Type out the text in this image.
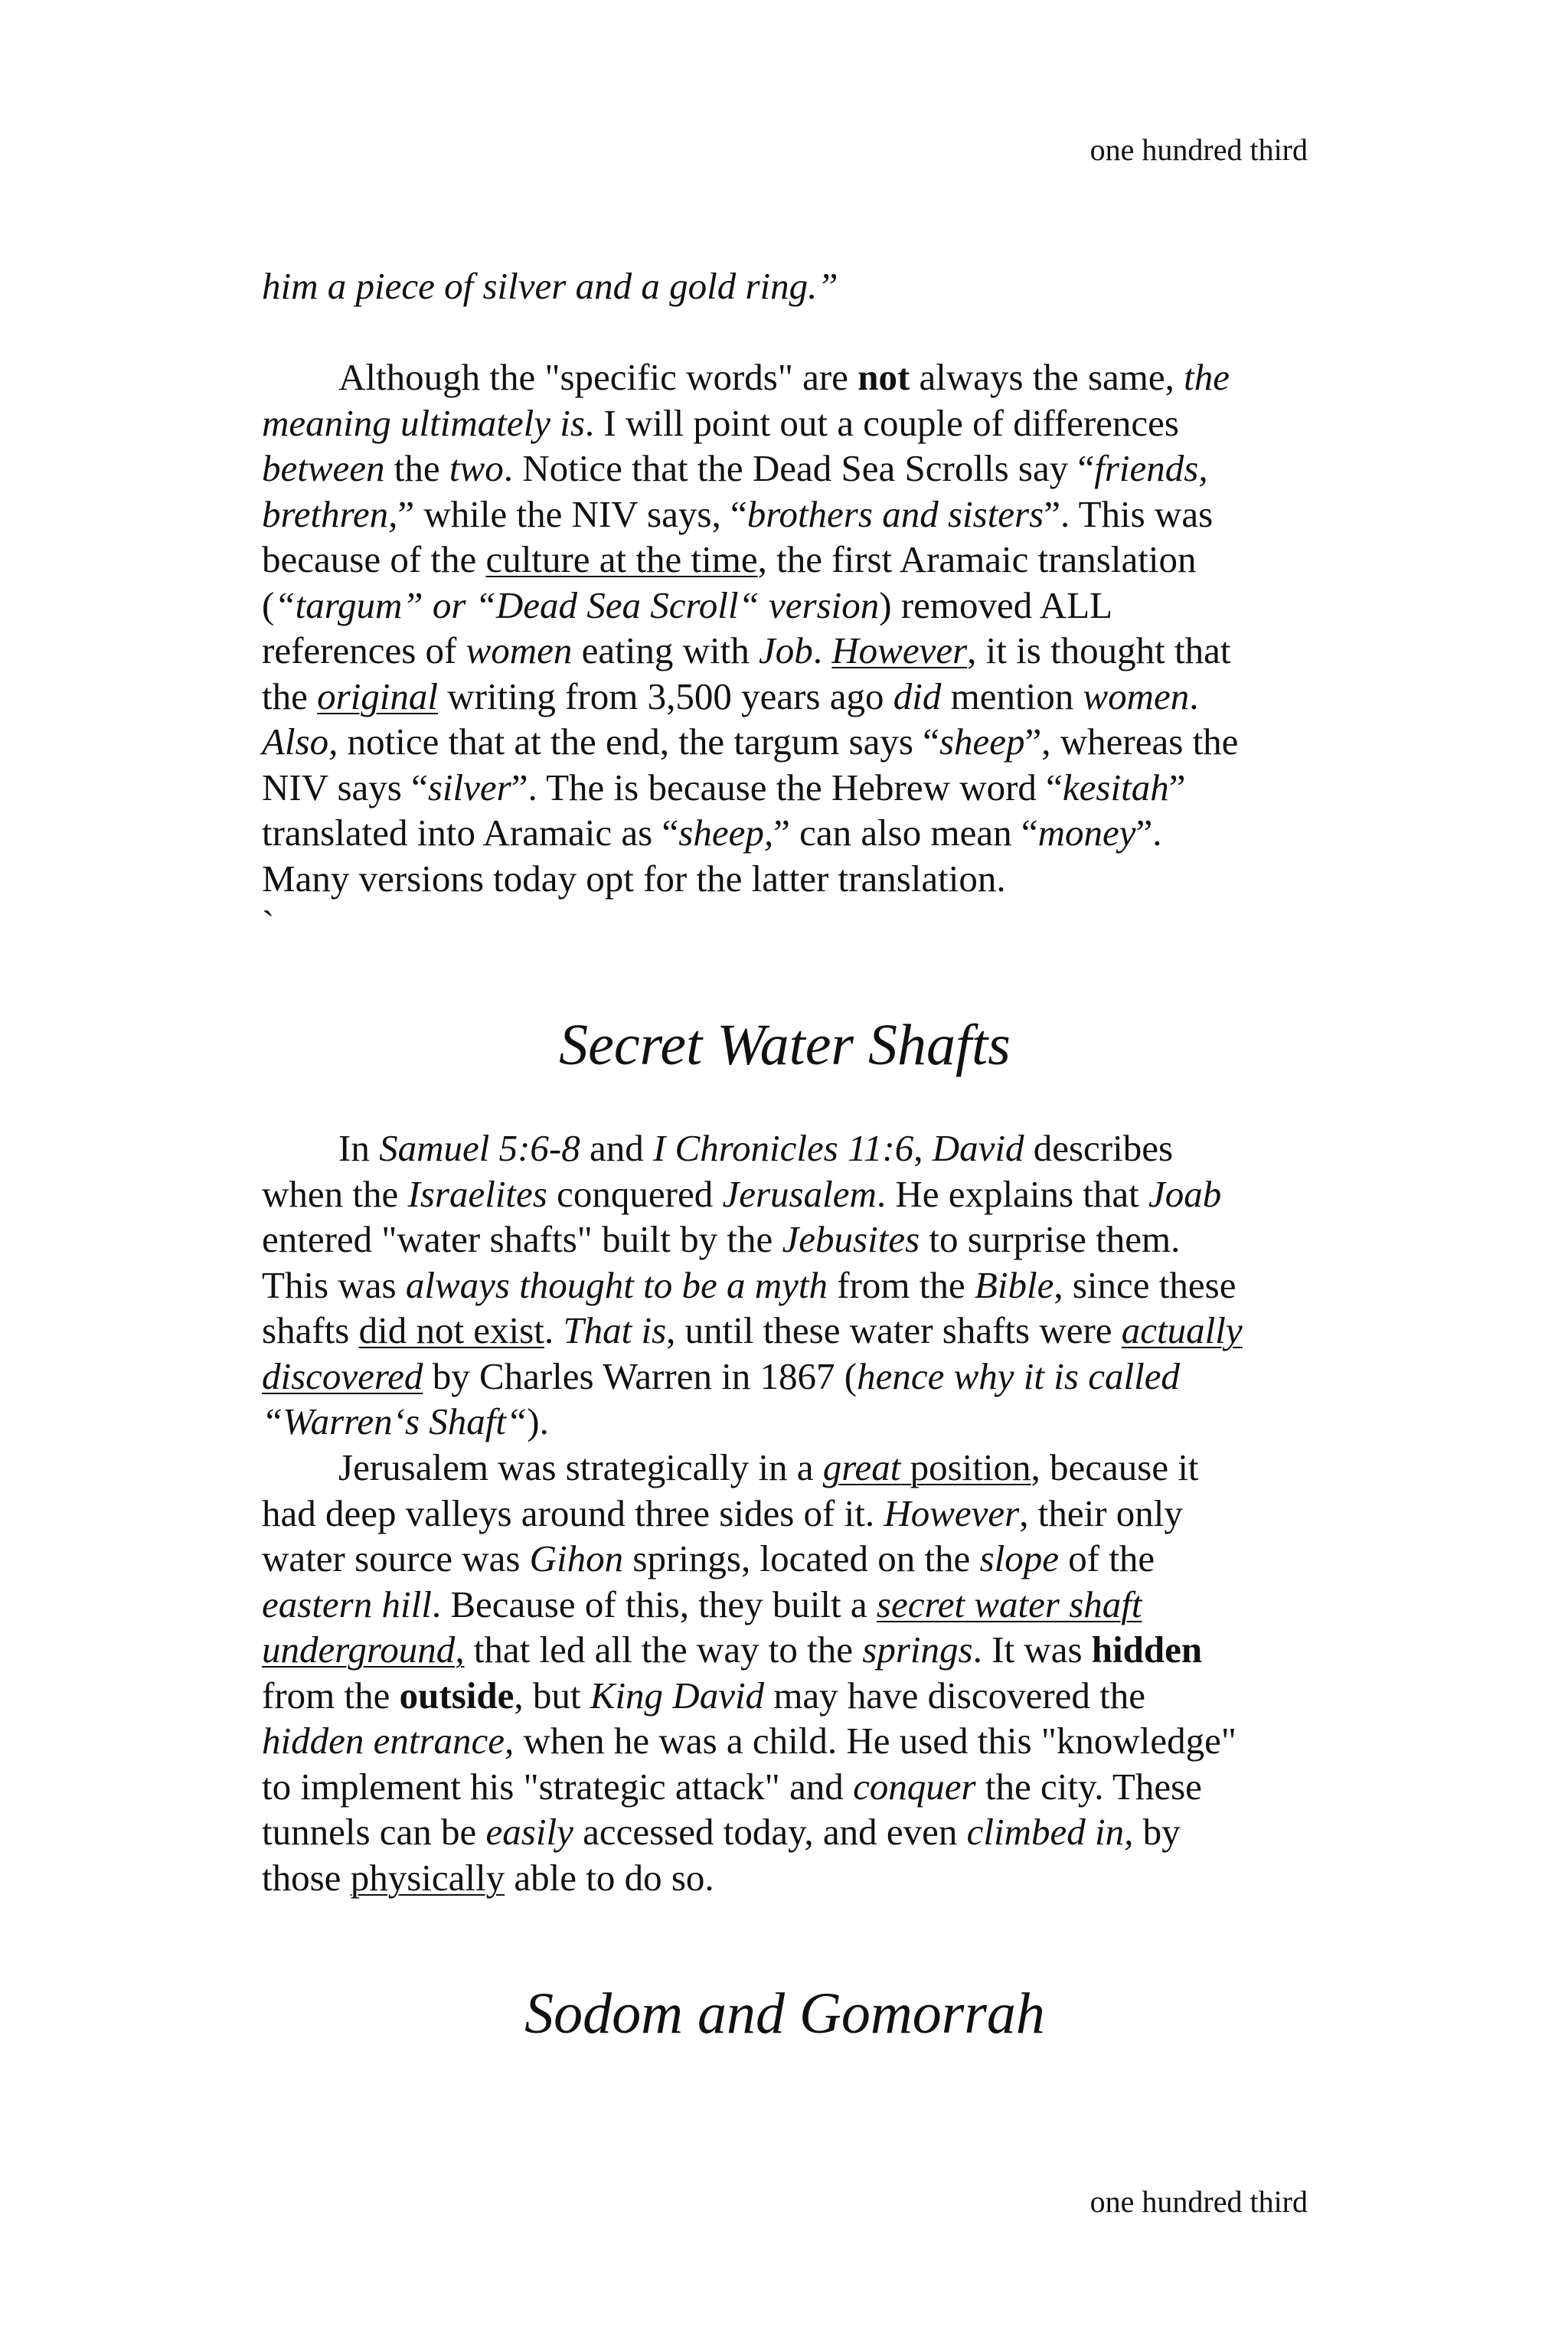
one hundred third

him a piece of silver and a gold ring.”

Although the "specific words" are not always the same, the

meaning ultimately is. I will point out a couple of differences

between the two. Notice that the Dead Sea Scrolls say “friends,

brethren,” while the NIV says, “brothers and sisters”. This was

because of the culture at the time, the first Aramaic translation

(“targum” or “Dead Sea Scroll“ version) removed ALL

references of women eating with Job. However, it is thought that

the original writing from 3,500 years ago did mention women.

Also, notice that at the end, the targum says “sheep”, whereas the

NIV says “silver”. The is because the Hebrew word “kesitah”

translated into Aramaic as “sheep,” can also mean “money”.

Many versions today opt for the latter translation.

`

Secret Water Shafts

In Samuel 5:6-8 and I Chronicles 11:6, David describes

when the Israelites conquered Jerusalem. He explains that Joab

entered "water shafts" built by the Jebusites to surprise them.

This was always thought to be a myth from the Bible, since these

shafts did not exist. That is, until these water shafts were actually

discovered by Charles Warren in 1867 (hence why it is called

“Warren‘s Shaft“).

Jerusalem was strategically in a great position, because it

had deep valleys around three sides of it. However, their only

water source was Gihon springs, located on the slope of the

eastern hill. Because of this, they built a secret water shaft

underground, that led all the way to the springs. It was hidden

from the outside, but King David may have discovered the

hidden entrance, when he was a child. He used this "knowledge"

to implement his "strategic attack" and conquer the city. These

tunnels can be easily accessed today, and even climbed in, by

those physically able to do so.

Sodom and Gomorrah
one hundred third
